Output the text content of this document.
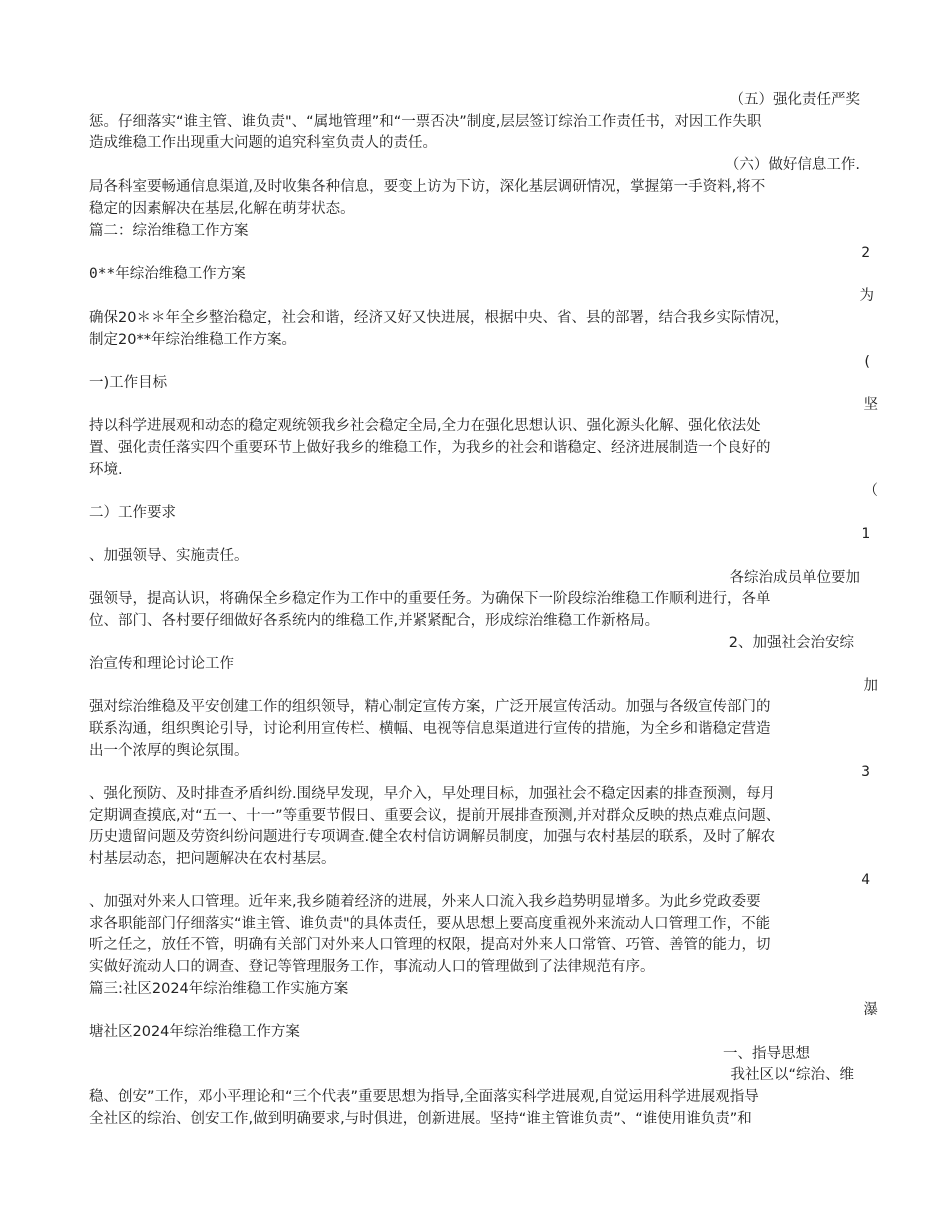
（五）强化责任严奖
惩。仔细落实“谁主管、谁负责"、“属地管理”和“一票否决”制度,层层签订综治工作责任书，对因工作失职
造成维稳工作出现重大问题的追究科室负责人的责任。
（六）做好信息工作.
局各科室要畅通信息渠道,及时收集各种信息，要变上访为下访，深化基层调研情况，掌握第一手资料,将不
稳定的因素解决在基层,化解在萌芽状态。
篇二：综治维稳工作方案
2
0**年综治维稳工作方案
为
确保20＊＊年全乡整治稳定，社会和谐，经济又好又快进展，根据中央、省、县的部署，结合我乡实际情况，
制定20**年综治维稳工作方案。
(
一)工作目标
坚
持以科学进展观和动态的稳定观统领我乡社会稳定全局,全力在强化思想认识、强化源头化解、强化依法处
置、强化责任落实四个重要环节上做好我乡的维稳工作，为我乡的社会和谐稳定、经济进展制造一个良好的
环境.
（
二）工作要求
1
、加强领导、实施责任。
各综治成员单位要加
强领导，提高认识，将确保全乡稳定作为工作中的重要任务。为确保下一阶段综治维稳工作顺利进行，各单
位、部门、各村要仔细做好各系统内的维稳工作,并紧紧配合，形成综治维稳工作新格局。
2、加强社会治安综
治宣传和理论讨论工作
加
强对综治维稳及平安创建工作的组织领导，精心制定宣传方案，广泛开展宣传活动。加强与各级宣传部门的
联系沟通，组织舆论引导，讨论利用宣传栏、横幅、电视等信息渠道进行宣传的措施，为全乡和谐稳定营造
出一个浓厚的舆论氛围。
3
、强化预防、及时排查矛盾纠纷.围绕早发现，早介入，早处理目标，加强社会不稳定因素的排查预测，每月
定期调查摸底,对“五一、十一”等重要节假日、重要会议，提前开展排查预测,并对群众反映的热点难点问题、
历史遗留问题及劳资纠纷问题进行专项调查.健全农村信访调解员制度，加强与农村基层的联系，及时了解农
村基层动态，把问题解决在农村基层。
4
、加强对外来人口管理。近年来,我乡随着经济的进展，外来人口流入我乡趋势明显增多。为此乡党政委要
求各职能部门仔细落实“谁主管、谁负责"的具体责任，要从思想上要高度重视外来流动人口管理工作，不能
听之任之，放任不管，明确有关部门对外来人口管理的权限，提高对外来人口常管、巧管、善管的能力，切
实做好流动人口的调查、登记等管理服务工作，事流动人口的管理做到了法律规范有序。
篇三:社区2024年综治维稳工作实施方案
瀑
塘社区2024年综治维稳工作方案
一、指导思想
我社区以“综治、维
稳、创安”工作，邓小平理论和“三个代表”重要思想为指导,全面落实科学进展观,自觉运用科学进展观指导
全社区的综治、创安工作,做到明确要求,与时俱进，创新进展。坚持“谁主管谁负责”、“谁使用谁负责”和
